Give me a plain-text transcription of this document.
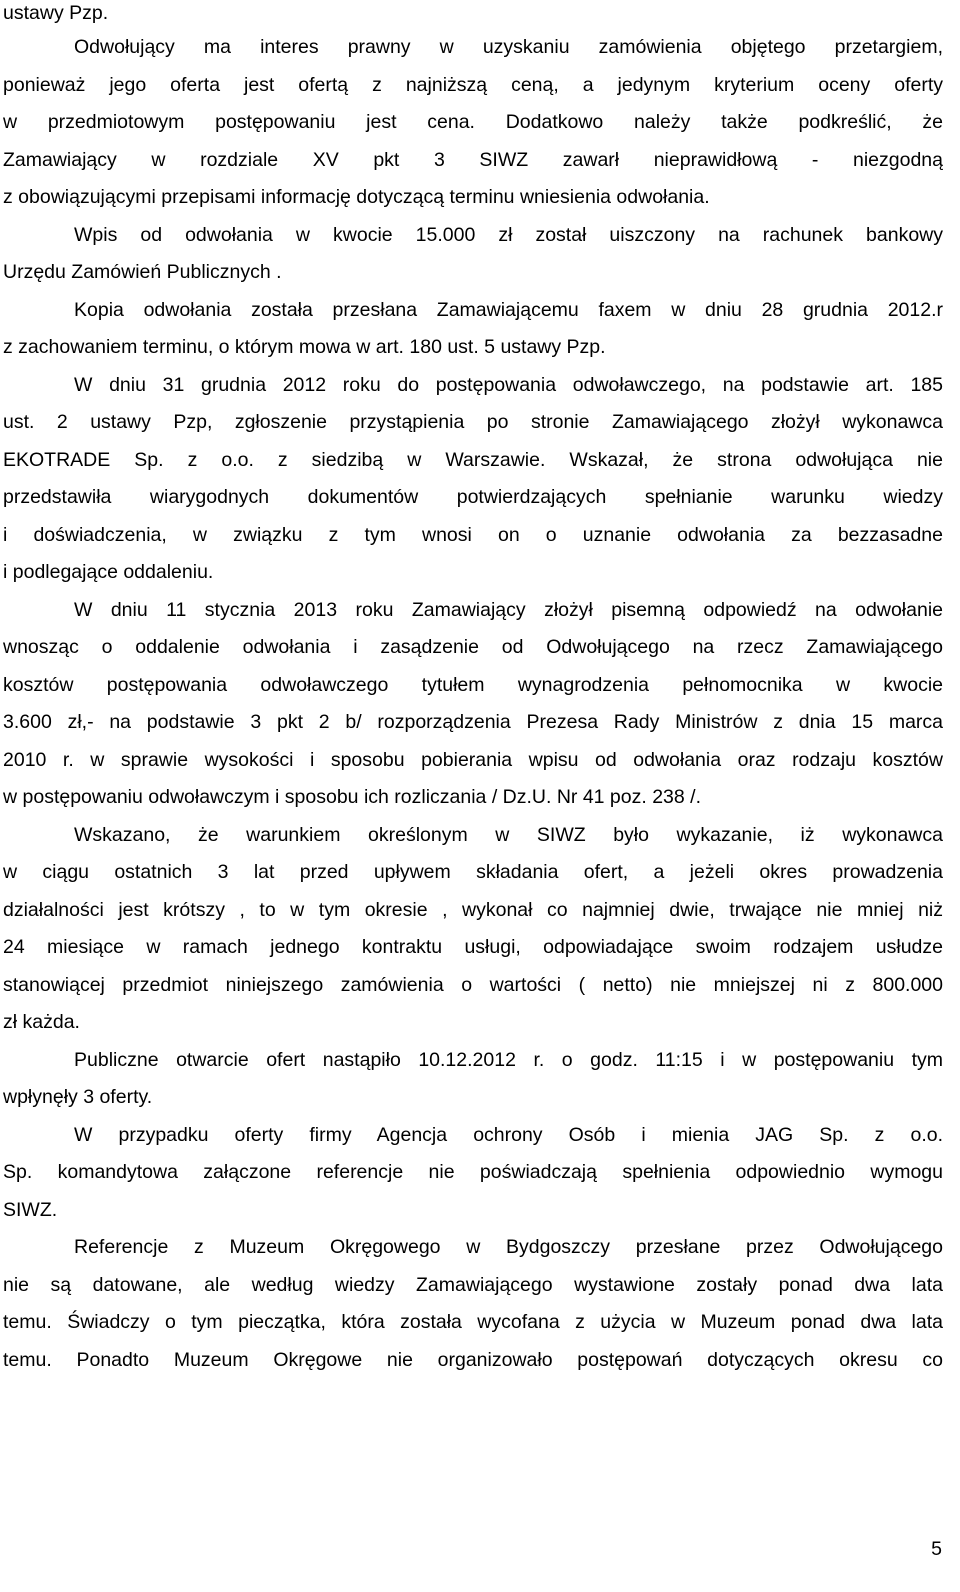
ustawy Pzp.
Odwołujący ma interes prawny w uzyskaniu zamówienia objętego przetargiem,
ponieważ jego oferta jest ofertą z najniższą ceną, a jedynym kryterium oceny oferty
w przedmiotowym postępowaniu jest cena. Dodatkowo należy także podkreślić, że
Zamawiający w rozdziale XV pkt 3 SIWZ zawarł nieprawidłową - niezgodną
z obowiązującymi przepisami informację dotyczącą terminu wniesienia odwołania.
Wpis od odwołania w kwocie 15.000 zł został uiszczony na rachunek bankowy
Urzędu Zamówień Publicznych .
Kopia odwołania została przesłana Zamawiającemu faxem w dniu 28 grudnia 2012.r
z zachowaniem terminu, o którym mowa w art. 180 ust. 5 ustawy Pzp.
W dniu 31 grudnia 2012 roku do postępowania odwoławczego, na podstawie art. 185
ust. 2 ustawy Pzp, zgłoszenie przystąpienia po stronie Zamawiającego złożył wykonawca
EKOTRADE Sp. z o.o. z siedzibą w Warszawie. Wskazał, że strona odwołująca nie
przedstawiła wiarygodnych dokumentów potwierdzających spełnianie warunku wiedzy
i doświadczenia, w związku z tym wnosi on o uznanie odwołania za bezzasadne
i podlegające oddaleniu.
W dniu 11 stycznia 2013 roku Zamawiający złożył pisemną odpowiedź na odwołanie
wnosząc o oddalenie odwołania i zasądzenie od Odwołującego na rzecz Zamawiającego
kosztów postępowania odwoławczego tytułem wynagrodzenia pełnomocnika w kwocie
3.600 zł,- na podstawie 3 pkt 2 b/ rozporządzenia Prezesa Rady Ministrów z dnia 15 marca
2010 r. w sprawie wysokości i sposobu pobierania wpisu od odwołania oraz rodzaju kosztów
w postępowaniu odwoławczym i sposobu ich rozliczania / Dz.U. Nr 41 poz. 238 /.
Wskazano, że warunkiem określonym w SIWZ było wykazanie, iż wykonawca
w ciągu ostatnich 3 lat przed upływem składania ofert, a jeżeli okres prowadzenia
działalności jest krótszy , to w tym okresie , wykonał co najmniej dwie, trwające nie mniej niż
24 miesiące w ramach jednego kontraktu usługi, odpowiadające swoim rodzajem usłudze
stanowiącej przedmiot niniejszego zamówienia o wartości ( netto) nie mniejszej ni z 800.000
zł każda.
Publiczne otwarcie ofert nastąpiło 10.12.2012 r. o godz. 11:15 i w postępowaniu tym
wpłynęły 3 oferty.
W przypadku oferty firmy Agencja ochrony Osób i mienia JAG Sp. z o.o.
Sp. komandytowa załączone referencje nie poświadczają spełnienia odpowiednio wymogu
SIWZ.
Referencje z Muzeum Okręgowego w Bydgoszczy przesłane przez Odwołującego
nie są datowane, ale według wiedzy Zamawiającego wystawione zostały ponad dwa lata
temu. Świadczy o tym pieczątka, która została wycofana z użycia w Muzeum ponad dwa lata
temu. Ponadto Muzeum Okręgowe nie organizowało postępowań dotyczących okresu co
5
